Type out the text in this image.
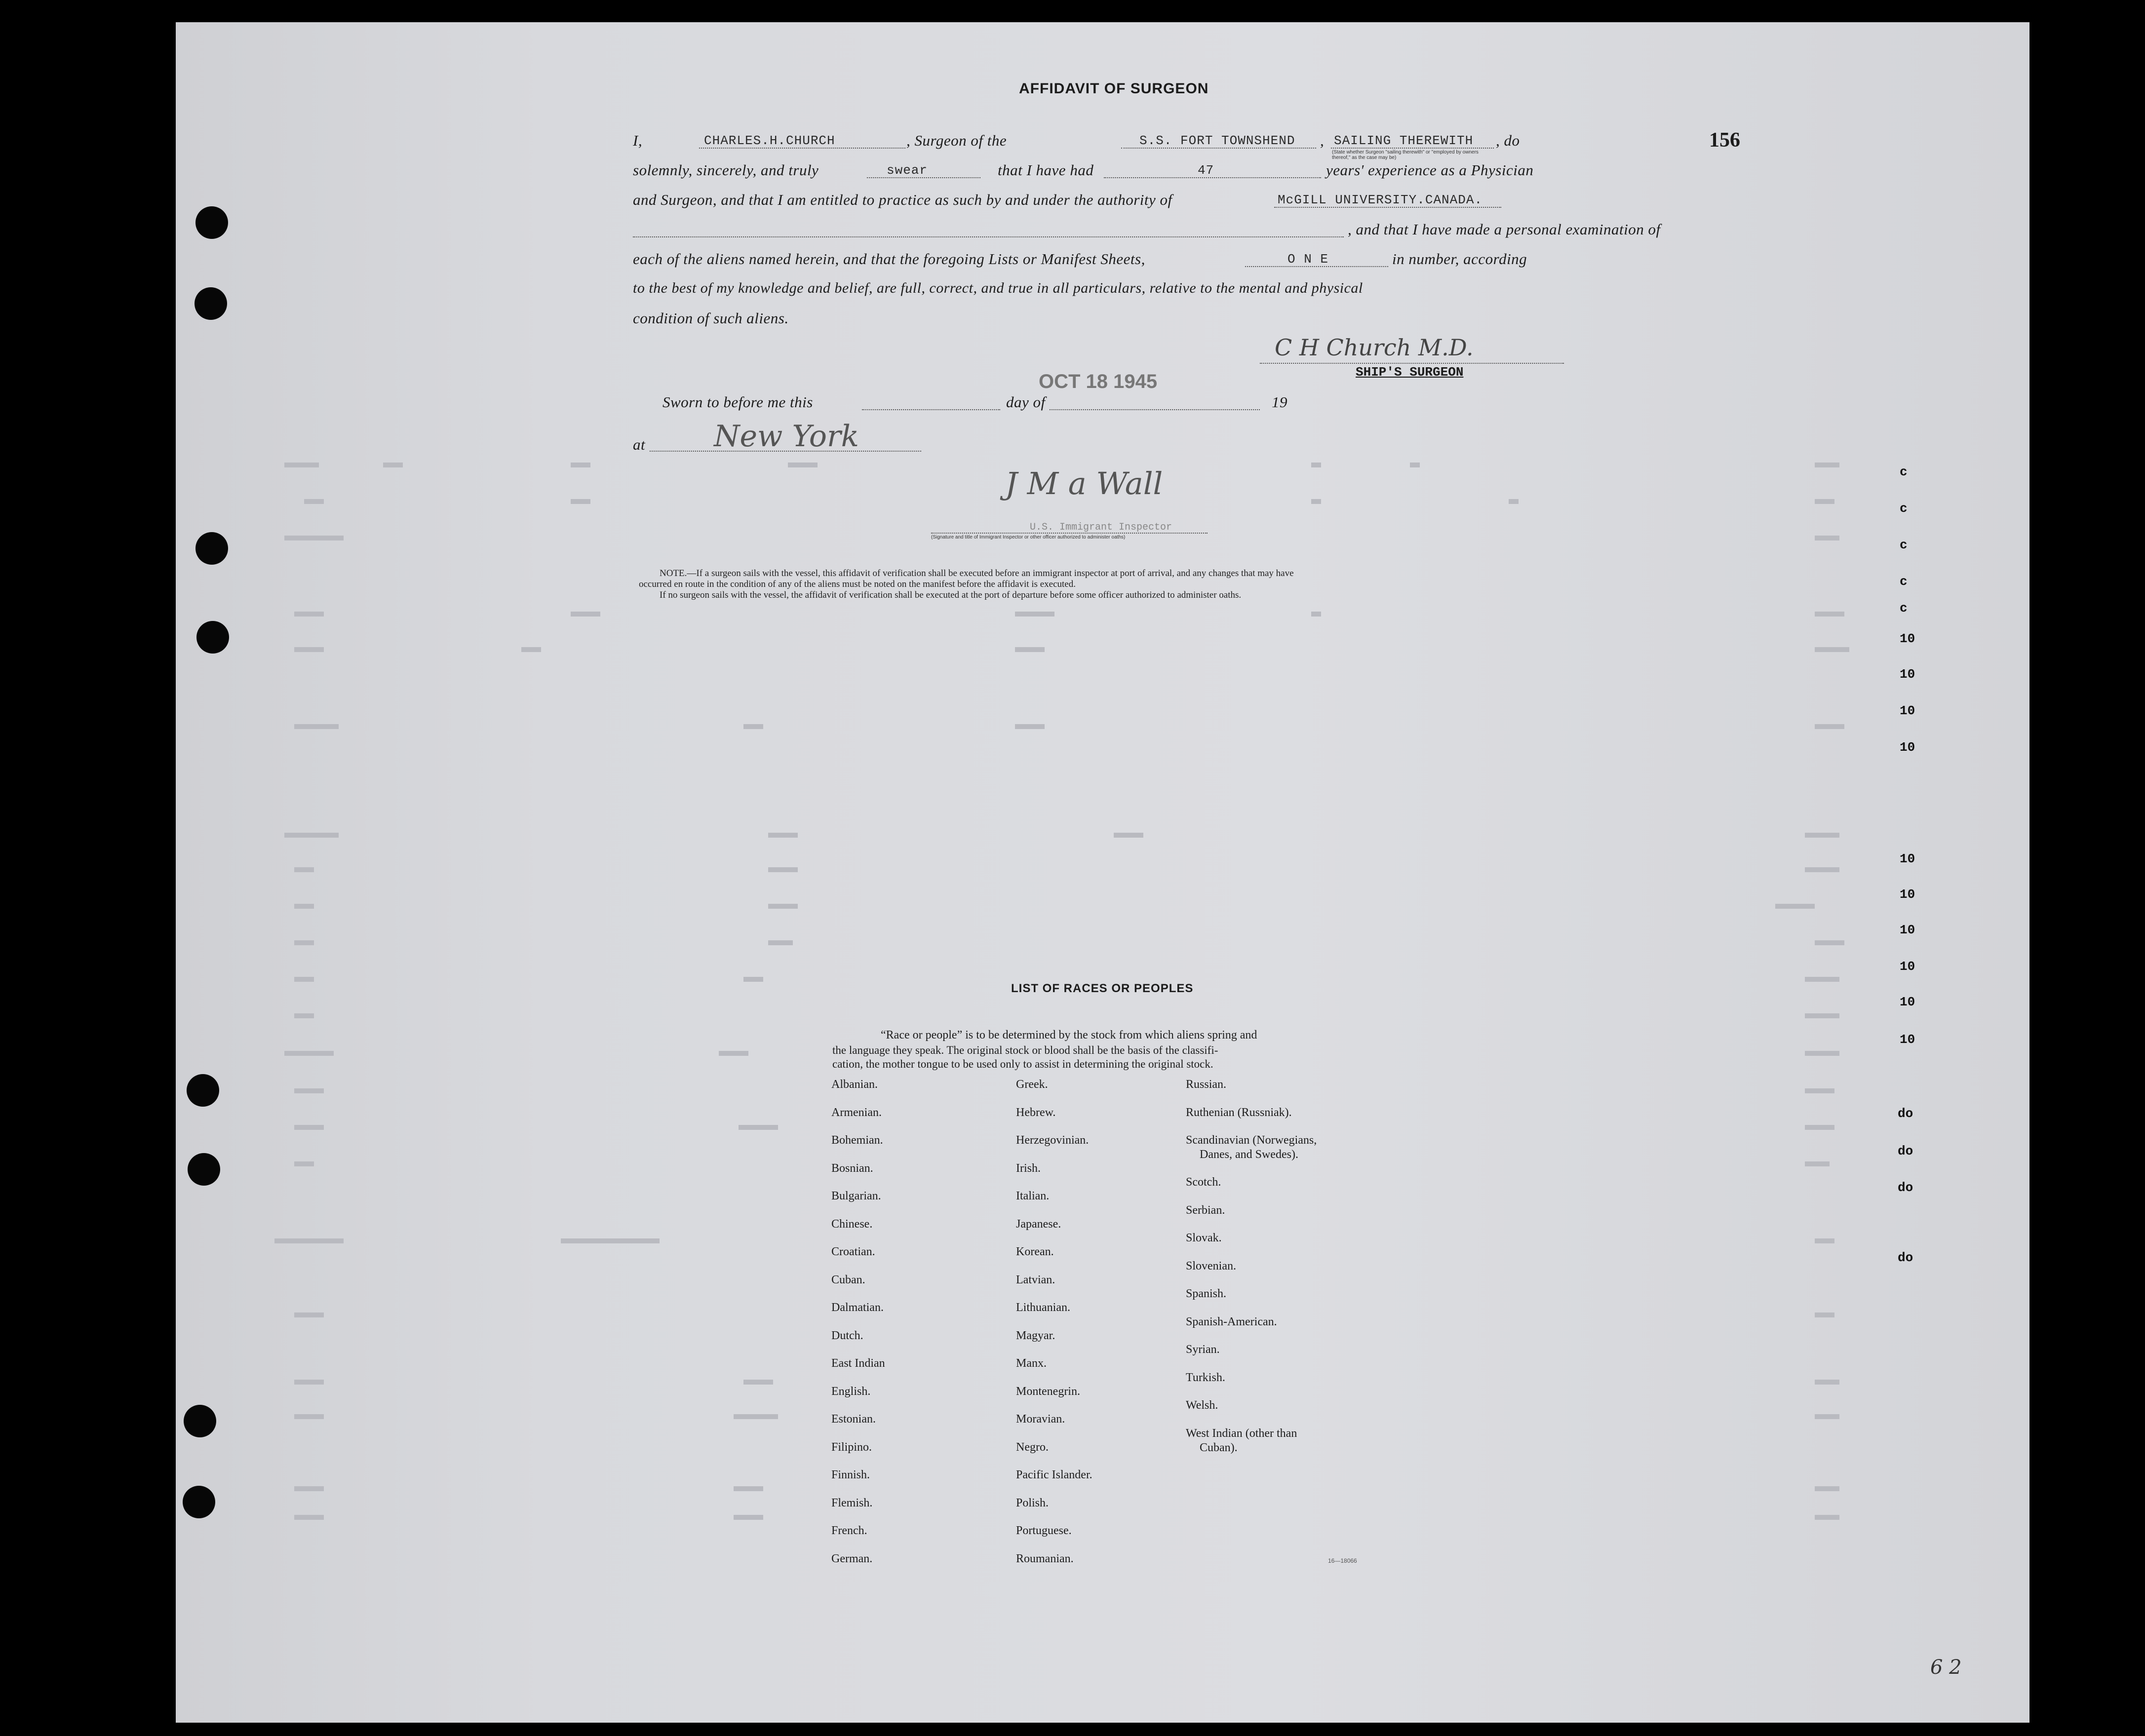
156
AFFIDAVIT OF SURGEON
I,	CHARLES.H.CHURCH	, Surgeon of the	S.S. FORT TOWNSHEND , SAILING THEREWITH , do
(State whether Surgeon "sailing therewith" or "employed by owners thereof," as the case may be)
solemnly, sincerely, and truly	swear	that I have had	47	years' experience as a Physician
and Surgeon, and that I am entitled to practice as such by and under the authority of	McGILL UNIVERSITY.CANADA.
, and that I have made a personal examination of
each of the aliens named herein, and that the foregoing Lists or Manifest Sheets,	O N E	in number, according
to the best of my knowledge and belief, are full, correct, and true in all particulars, relative to the mental and physical
condition of such aliens.
C H Church M.D.
SHIP'S SURGEON
Sworn to before me this	day of
OCT 18 1945
19
at New York
J M a Wall
U.S. Immigrant Inspector
(Signature and title of Immigrant Inspector or other officer authorized to administer oaths)
NOTE.—If a surgeon sails with the vessel, this affidavit of verification shall be executed before an immigrant inspector at port of arrival, and any changes that may have
occurred en route in the condition of any of the aliens must be noted on the manifest before the affidavit is executed.
If no surgeon sails with the vessel, the affidavit of verification shall be executed at the port of departure before some officer authorized to administer oaths.
c
c
c
c
c
10
10
10
10
10
10
10
10
10
10
do
do
do
do
LIST OF RACES OR PEOPLES
“Race or people” is to be determined by the stock from which aliens spring and
the language they speak. The original stock or blood shall be the basis of the classifi-
cation, the mother tongue to be used only to assist in determining the original stock.
Albanian.
Armenian.
Bohemian.
Bosnian.
Bulgarian.
Chinese.
Croatian.
Cuban.
Dalmatian.
Dutch.
East Indian
English.
Estonian.
Filipino.
Finnish.
Flemish.
French.
German.
Greek.
Hebrew.
Herzegovinian.
Irish.
Italian.
Japanese.
Korean.
Latvian.
Lithuanian.
Magyar.
Manx.
Montenegrin.
Moravian.
Negro.
Pacific Islander.
Polish.
Portuguese.
Roumanian.
Russian.
Ruthenian (Russniak).
Scandinavian (Norwegians,
Danes, and Swedes).
Scotch.
Serbian.
Slovak.
Slovenian.
Spanish.
Spanish-American.
Syrian.
Turkish.
Welsh.
West Indian (other than
Cuban).
16—18066
6 2
